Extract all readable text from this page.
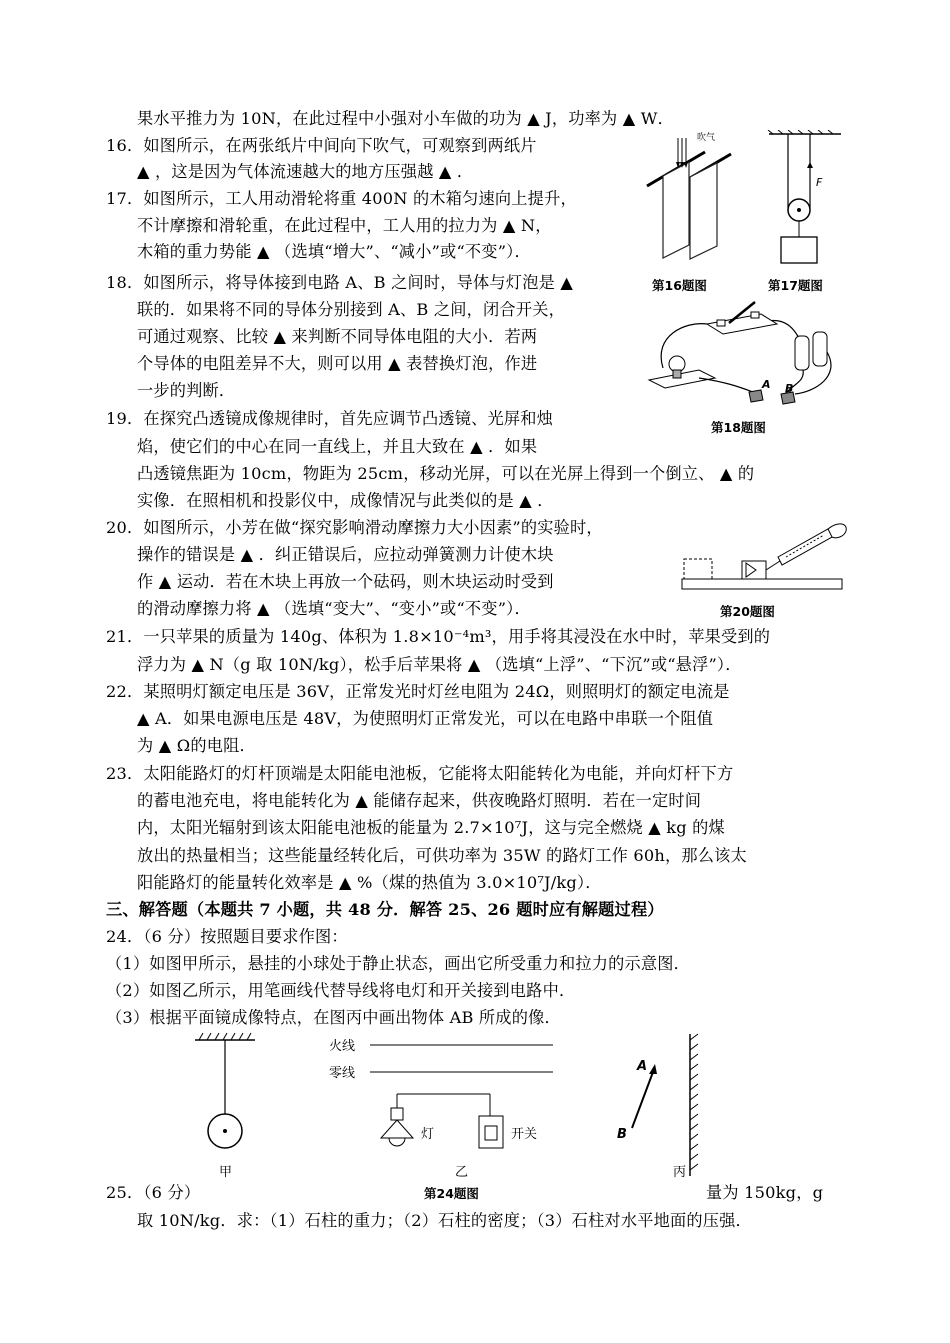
果水平推力为 10N，在此过程中小强对小车做的功为 ▲ J，功率为 ▲ W．
16．如图所示，在两张纸片中间向下吹气，可观察到两纸片
▲ ，这是因为气体流速越大的地方压强越 ▲ ．
17．如图所示，工人用动滑轮将重 400N 的木箱匀速向上提升，
不计摩擦和滑轮重，在此过程中，工人用的拉力为 ▲ N，
木箱的重力势能 ▲ （选填“增大”、“减小”或“不变”）．
18．如图所示，将导体接到电路 A、B 之间时，导体与灯泡是 ▲
联的．如果将不同的导体分别接到 A、B 之间，闭合开关，
可通过观察、比较 ▲ 来判断不同导体电阻的大小．若两
个导体的电阻差异不大，则可以用 ▲ 表替换灯泡，作进
一步的判断．
19．在探究凸透镜成像规律时，首先应调节凸透镜、光屏和烛
焰，使它们的中心在同一直线上，并且大致在 ▲ ．如果
凸透镜焦距为 10cm，物距为 25cm，移动光屏，可以在光屏上得到一个倒立、 ▲ 的
实像．在照相机和投影仪中，成像情况与此类似的是 ▲ ．
20．如图所示，小芳在做“探究影响滑动摩擦力大小因素”的实验时，
操作的错误是 ▲ ．纠正错误后，应拉动弹簧测力计使木块
作 ▲ 运动．若在木块上再放一个砝码，则木块运动时受到
的滑动摩擦力将 ▲ （选填“变大”、“变小”或“不变”）．
21．一只苹果的质量为 140g、体积为 1.8×10⁻⁴m³，用手将其浸没在水中时，苹果受到的
浮力为 ▲ N（g 取 10N/kg），松手后苹果将 ▲ （选填“上浮”、“下沉”或“悬浮”）．
22．某照明灯额定电压是 36V，正常发光时灯丝电阻为 24Ω，则照明灯的额定电流是
▲ A．如果电源电压是 48V，为使照明灯正常发光，可以在电路中串联一个阻值
为 ▲ Ω的电阻．
23．太阳能路灯的灯杆顶端是太阳能电池板，它能将太阳能转化为电能，并向灯杆下方
的蓄电池充电，将电能转化为 ▲ 能储存起来，供夜晚路灯照明．若在一定时间
内，太阳光辐射到该太阳能电池板的能量为 2.7×10⁷J，这与完全燃烧 ▲ kg 的煤
放出的热量相当；这些能量经转化后，可供功率为 35W 的路灯工作 60h，那么该太
阳能路灯的能量转化效率是 ▲ %（煤的热值为 3.0×10⁷J/kg）．
三、解答题（本题共 7 小题，共 48 分．解答 25、26 题时应有解题过程）
24．（6 分）按照题目要求作图：
（1）如图甲所示，悬挂的小球处于静止状态，画出它所受重力和拉力的示意图．
（2）如图乙所示，用笔画线代替导线将电灯和开关接到电路中．
（3）根据平面镜成像特点，在图丙中画出物体 AB 所成的像．
25．（6 分）	量为 150kg，g
取 10N/kg．求：（1）石柱的重力；（2）石柱的密度；（3）石柱对水平地面的压强．
吹气
第16题图
F
第17题图
A B
第18题图
第20题图
甲
火线
零线
灯	开关
乙
A
B
丙
第24题图
